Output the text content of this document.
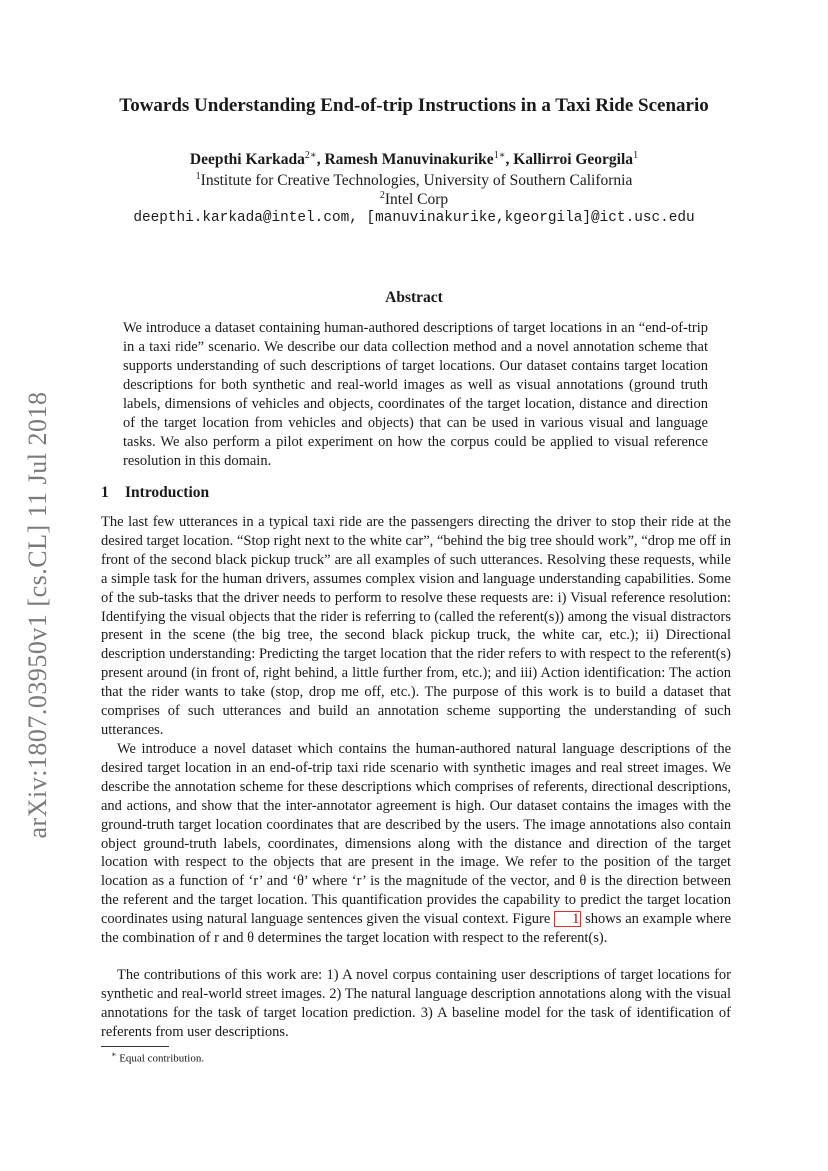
arXiv:1807.03950v1 [cs.CL] 11 Jul 2018
Towards Understanding End-of-trip Instructions in a Taxi Ride Scenario
Deepthi Karkada$^{2∗}$, Ramesh Manuvinakurike$^{1∗}$, Kallirroi Georgila$^1$
$^1$Institute for Creative Technologies, University of Southern California
$^2$Intel Corp
deepthi.karkada@intel.com, [manuvinakurike,kgeorgila]@ict.usc.edu
Abstract

We introduce a dataset containing human-authored descriptions of target locations in an “end-of-trip in a taxi ride” scenario. We describe our data collection method and a novel annotation scheme that supports understanding of such descriptions of target locations. Our dataset contains target location descriptions for both synthetic and real-world images as well as visual annotations (ground truth labels, dimensions of vehicles and objects, coordinates of the target location, distance and direction of the target location from vehicles and objects) that can be used in various visual and language tasks. We also perform a pilot experiment on how the corpus could be applied to visual reference resolution in this domain.

1 Introduction

The last few utterances in a typical taxi ride are the passengers directing the driver to stop their ride at the desired target location. “Stop right next to the white car”, “behind the big tree should work”, “drop me off in front of the second black pickup truck” are all examples of such utterances. Resolving these requests, while a simple task for the human drivers, assumes complex vision and language understanding capabilities. Some of the sub-tasks that the driver needs to perform to resolve these requests are: i) Visual reference resolution: Identifying the visual objects that the rider is referring to (called the referent(s)) among the visual distractors present in the scene (the big tree, the second black pickup truck, the white car, etc.); ii) Directional description understanding: Predicting the target location that the rider refers to with respect to the referent(s) present around (in front of, right behind, a little further from, etc.); and iii) Action identification: The action that the rider wants to take (stop, drop me off, etc.). The purpose of this work is to build a dataset that comprises of such utterances and build an annotation scheme supporting the understanding of such utterances.

We introduce a novel dataset which contains the human-authored natural language descriptions of the desired target location in an end-of-trip taxi ride scenario with synthetic images and real street images. We describe the annotation scheme for these descriptions which comprises of referents, directional descriptions, and actions, and show that the inter-annotator agreement is high. Our dataset contains the images with the ground-truth target location coordinates that are described by the users. The image annotations also contain object ground-truth labels, coordinates, dimensions along with the distance and direction of the target location with respect to the objects that are present in the image. We refer to the position of the target location as a function of ‘r’ and ‘θ’ where ‘r’ is the magnitude of the vector, and θ is the direction between the referent and the target location. This quantification provides the capability to predict the target location coordinates using natural language sentences given the visual context. Figure 1 shows an example where the combination of r and θ determines the target location with respect to the referent(s).

The contributions of this work are: 1) A novel corpus containing user descriptions of target locations for synthetic and real-world street images. 2) The natural language description annotations along with the visual annotations for the task of target location prediction. 3) A baseline model for the task of identification of referents from user descriptions.

∗ Equal contribution.
